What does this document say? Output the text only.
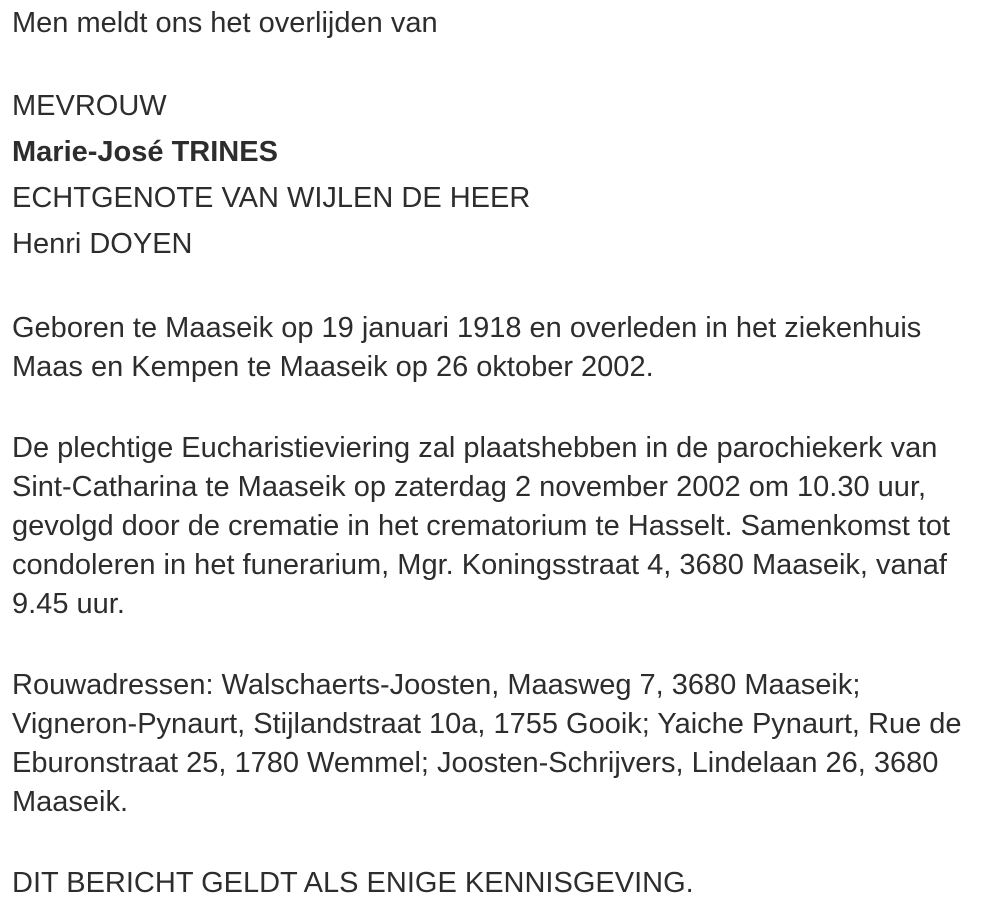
Men meldt ons het overlijden van

MEVROUW

Marie-José TRINES

ECHTGENOTE VAN WIJLEN DE HEER

Henri DOYEN

Geboren te Maaseik op 19 januari 1918 en overleden in het ziekenhuis Maas en Kempen te Maaseik op 26 oktober 2002.

De plechtige Eucharistieviering zal plaatshebben in de parochiekerk van Sint-Catharina te Maaseik op zaterdag 2 november 2002 om 10.30 uur, gevolgd door de crematie in het crematorium te Hasselt. Samenkomst tot condoleren in het funerarium, Mgr. Koningsstraat 4, 3680 Maaseik, vanaf 9.45 uur.

Rouwadressen: Walschaerts-Joosten, Maasweg 7, 3680 Maaseik; Vigneron-Pynaurt, Stijlandstraat 10a, 1755 Gooik; Yaiche Pynaurt, Rue de Eburonstraat 25, 1780 Wemmel; Joosten-Schrijvers, Lindelaan 26, 3680 Maaseik.

DIT BERICHT GELDT ALS ENIGE KENNISGEVING.
